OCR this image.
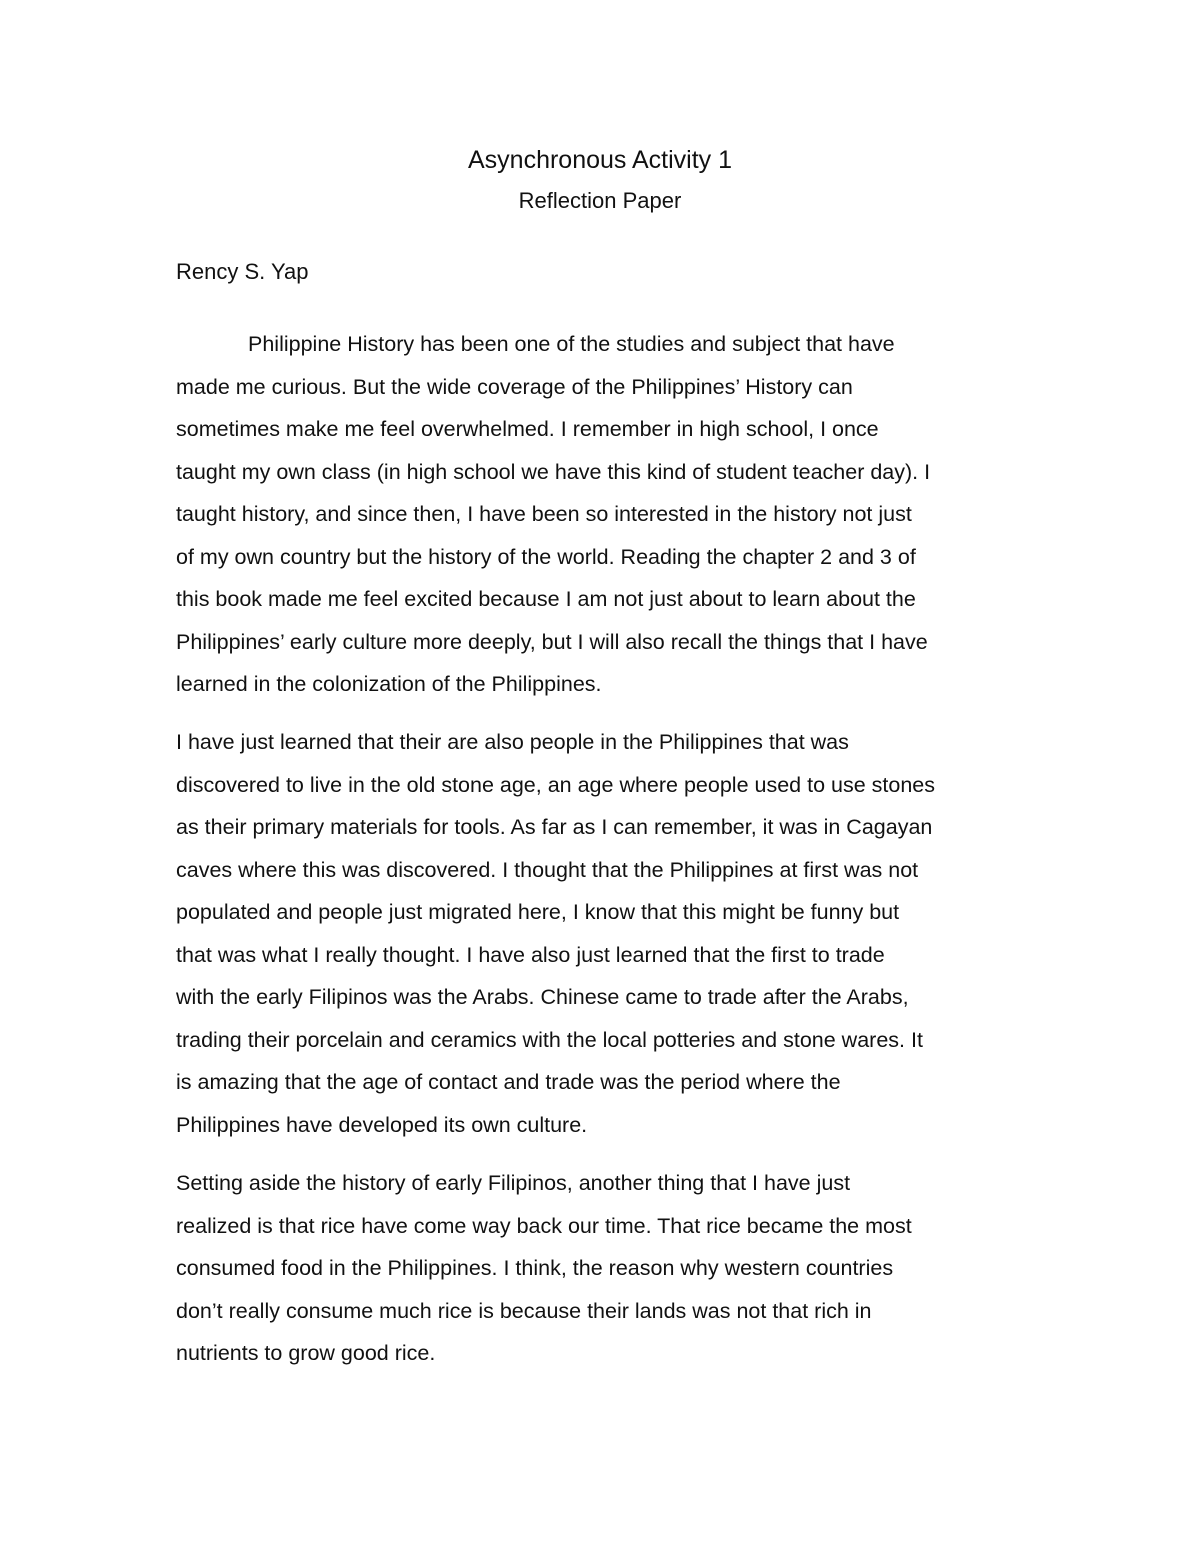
Asynchronous Activity 1
Reflection Paper
Rency S. Yap

Philippine History has been one of the studies and subject that have
made me curious. But the wide coverage of the Philippines’ History can
sometimes make me feel overwhelmed. I remember in high school, I once
taught my own class (in high school we have this kind of student teacher day). I
taught history, and since then, I have been so interested in the history not just
of my own country but the history of the world. Reading the chapter 2 and 3 of
this book made me feel excited because I am not just about to learn about the
Philippines’ early culture more deeply, but I will also recall the things that I have
learned in the colonization of the Philippines.

I have just learned that their are also people in the Philippines that was
discovered to live in the old stone age, an age where people used to use stones
as their primary materials for tools. As far as I can remember, it was in Cagayan
caves where this was discovered. I thought that the Philippines at first was not
populated and people just migrated here, I know that this might be funny but
that was what I really thought. I have also just learned that the first to trade
with the early Filipinos was the Arabs. Chinese came to trade after the Arabs,
trading their porcelain and ceramics with the local potteries and stone wares. It
is amazing that the age of contact and trade was the period where the
Philippines have developed its own culture.

Setting aside the history of early Filipinos, another thing that I have just
realized is that rice have come way back our time. That rice became the most
consumed food in the Philippines. I think, the reason why western countries
don’t really consume much rice is because their lands was not that rich in
nutrients to grow good rice.
